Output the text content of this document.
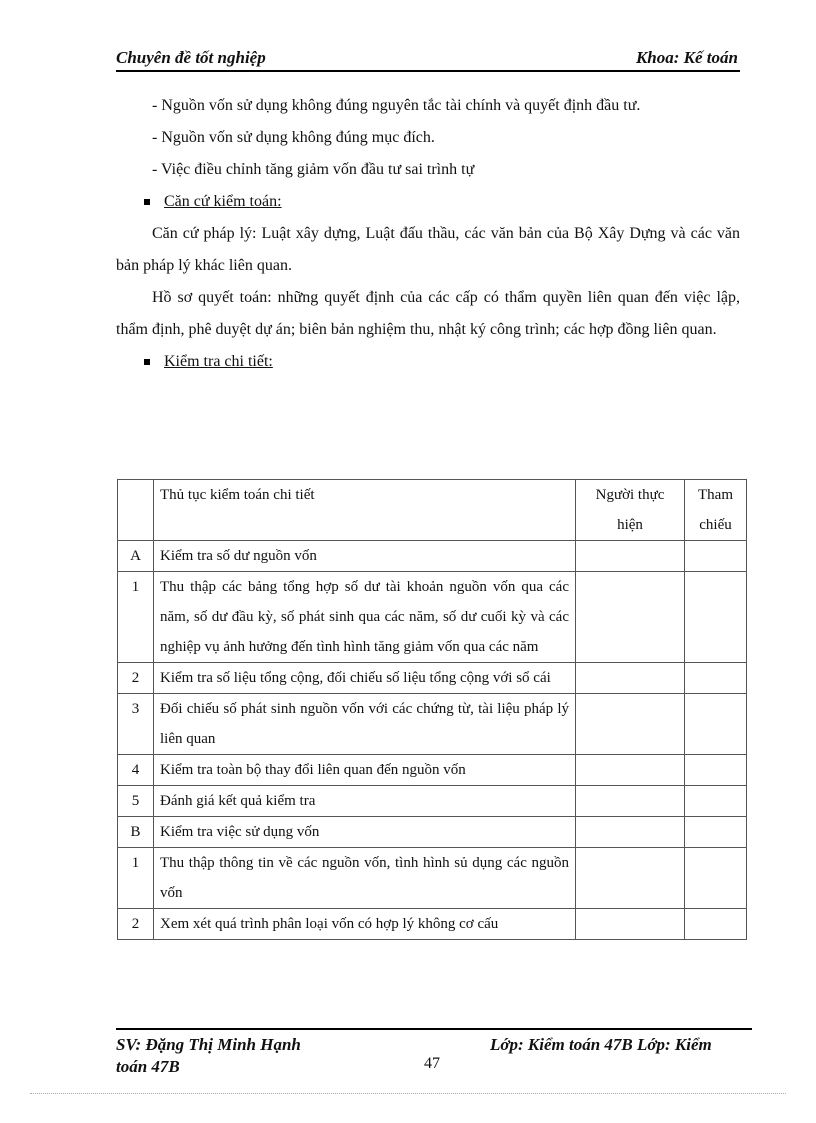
Chuyên đề tốt nghiệp	Khoa: Kế toán

- Nguồn vốn sử dụng không đúng nguyên tắc tài chính và quyết định đầu tư.

- Nguồn vốn sử dụng không đúng mục đích.

- Việc điều chỉnh tăng giảm vốn đầu tư sai trình tự

Căn cứ kiểm toán:

Căn cứ pháp lý: Luật xây dựng, Luật đấu thầu, các văn bản của Bộ Xây Dựng và các văn bản pháp lý khác liên quan.

Hồ sơ quyết toán: những quyết định của các cấp có thẩm quyền liên quan đến việc lập, thẩm định, phê duyệt dự án; biên bản nghiệm thu, nhật ký công trình; các hợp đồng liên quan.

Kiểm tra chi tiết:
	Thủ tục kiểm toán chi tiết	Người thực hiện	Tham chiếu
A	Kiểm tra số dư nguồn vốn		
1	Thu thập các bảng tổng hợp số dư tài khoản nguồn vốn qua các năm, số dư đầu kỳ, số phát sinh qua các năm, số dư cuối kỳ và các nghiệp vụ ảnh hưởng đến tình hình tăng giảm vốn qua các năm		
2	Kiểm tra số liệu tổng cộng, đối chiếu số liệu tổng cộng với sổ cái		
3	Đối chiếu số phát sinh nguồn vốn với các chứng từ, tài liệu pháp lý liên quan		
4	Kiểm tra toàn bộ thay đổi liên quan đến nguồn vốn		
5	Đánh giá kết quả kiểm tra		
B	Kiểm tra việc sử dụng vốn		
1	Thu thập thông tin về các nguồn vốn, tình hình sủ dụng các nguồn vốn		
2	Xem xét quá trình phân loại vốn có hợp lý không cơ cấu		
SV: Đặng Thị Minh Hạnh	Lớp: Kiểm toán 47B Lớp: Kiểm
toán 47B	47
